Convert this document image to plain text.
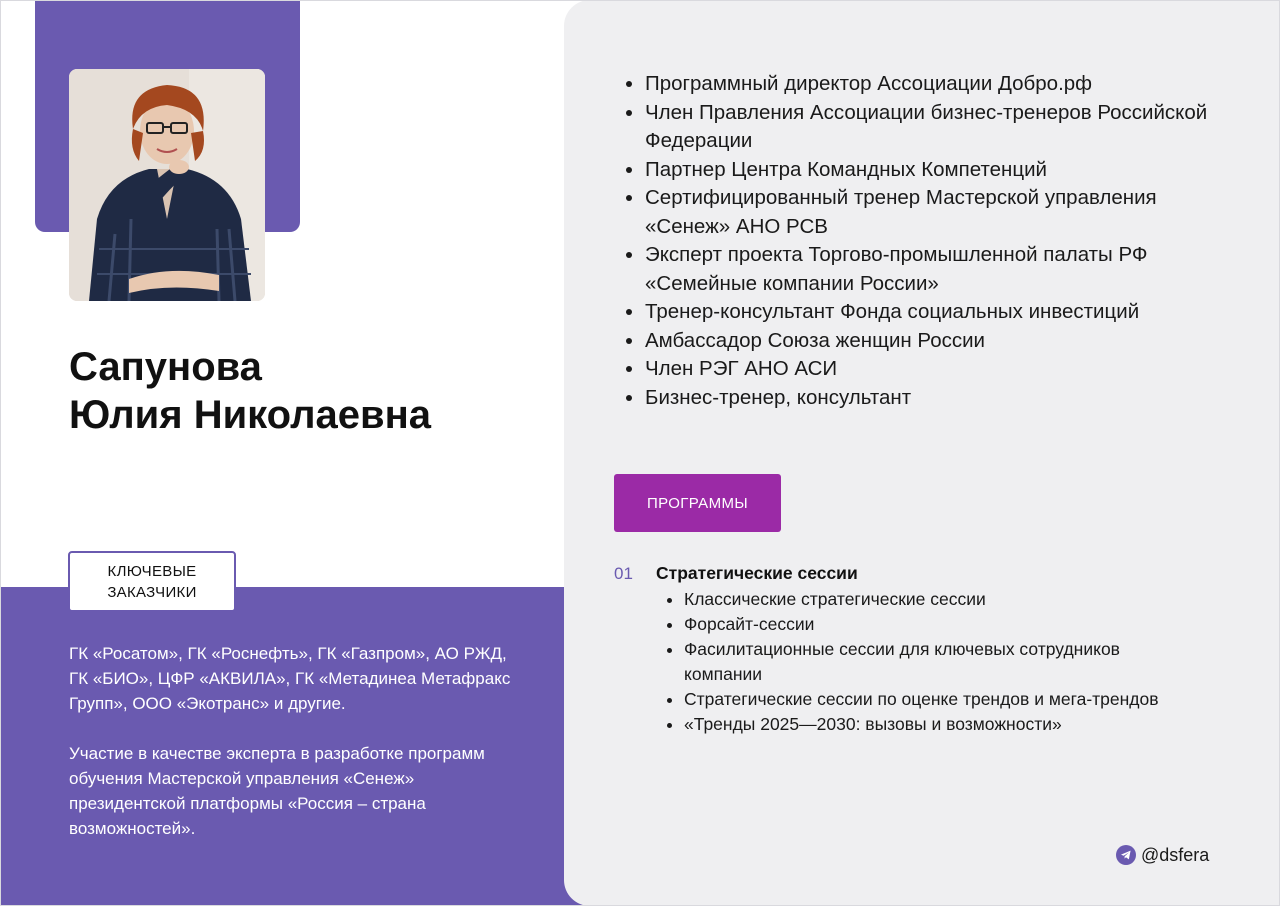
Сапунова
Юлия Николаевна
КЛЮЧЕВЫЕ
ЗАКАЗЧИКИ

ГК «Росатом», ГК «Роснефть», ГК «Газпром», АО РЖД, ГК «БИО», ЦФР «АКВИЛА», ГК «Метадинеа Метафракс Групп», ООО «Экотранс» и другие.

Участие в качестве эксперта в разработке программ обучения Мастерской управления «Сенеж» президентской платформы «Россия – страна возможностей».

• Программный директор Ассоциации Добро.рф
• Член Правления Ассоциации бизнес-тренеров Российской Федерации
• Партнер Центра Командных Компетенций
• Сертифицированный тренер Мастерской управления «Сенеж» АНО РСВ
• Эксперт проекта Торгово-промышленной палаты РФ «Семейные компании России»
• Тренер-консультант Фонда социальных инвестиций
• Амбассадор Союза женщин России
• Член РЭГ АНО АСИ
• Бизнес-тренер, консультант
ПРОГРАММЫ
01 Стратегические сессии
• Классические стратегические сессии
• Форсайт-сессии
• Фасилитационные сессии для ключевых сотрудников компании
• Стратегические сессии по оценке трендов и мега-трендов
• «Тренды 2025—2030: вызовы и возможности»
@dsfera
